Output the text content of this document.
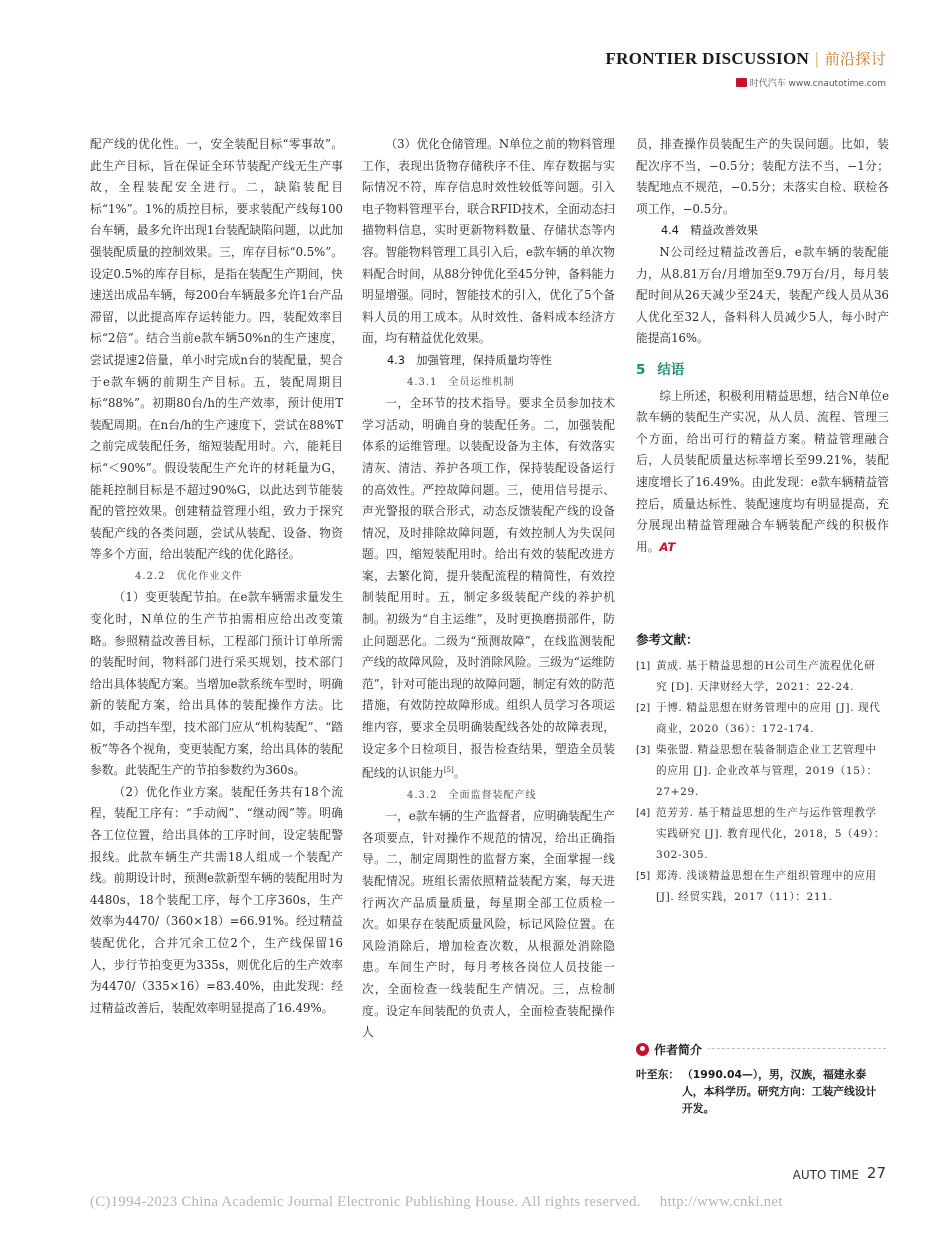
FRONTIER DISCUSSION | 前沿探讨
时代汽车 www.cnautotime.com

配产线的优化性。一，安全装配目标“零事故”。此生产目标，旨在保证全环节装配产线无生产事故，全程装配安全进行。二，缺陷装配目标“1%”。1%的质控目标，要求装配产线每100台车辆，最多允许出现1台装配缺陷问题，以此加强装配质量的控制效果。三，库存目标“0.5%”。设定0.5%的库存目标，是指在装配生产期间，快速送出成品车辆，每200台车辆最多允许1台产品滞留，以此提高库存运转能力。四，装配效率目标“2倍”。结合当前e款车辆50%n的生产速度，尝试提速2倍量，单小时完成n台的装配量，契合于e款车辆的前期生产目标。五，装配周期目标“88%”。初期80台/h的生产效率，预计使用T装配周期。在n台/h的生产速度下，尝试在88%T之前完成装配任务，缩短装配用时。六，能耗目标“＜90%”。假设装配生产允许的材耗量为G，能耗控制目标是不超过90%G，以此达到节能装配的管控效果。创建精益管理小组，致力于探究装配产线的各类问题，尝试从装配、设备、物资等多个方面，给出装配产线的优化路径。

4.2.2　优化作业文件

（1）变更装配节拍。在e款车辆需求量发生变化时，N单位的生产节拍需相应给出改变策略。参照精益改善目标，工程部门预计订单所需的装配时间，物料部门进行采买规划，技术部门给出具体装配方案。当增加e款系统车型时，明确新的装配方案，给出具体的装配操作方法。比如，手动挡车型，技术部门应从“机构装配”、“踏板”等各个视角，变更装配方案，给出具体的装配参数。此装配生产的节拍参数约为360s。

（2）优化作业方案。装配任务共有18个流程，装配工序有：“手动阀”、“继动阀”等。明确各工位位置，给出具体的工序时间，设定装配警报线。此款车辆生产共需18人组成一个装配产线。前期设计时，预测e款新型车辆的装配用时为4480s，18个装配工序，每个工序360s，生产效率为4470/（360×18）=66.91%。经过精益装配优化，合并冗余工位2个，生产线保留16人，步行节拍变更为335s，则优化后的生产效率为4470/（335×16）=83.40%，由此发现：经过精益改善后，装配效率明显提高了16.49%。

（3）优化仓储管理。N单位之前的物料管理工作，表现出货物存储秩序不佳、库存数据与实际情况不符，库存信息时效性较低等问题。引入电子物料管理平台，联合RFID技术，全面动态扫描物料信息，实时更新物料数量、存储状态等内容。智能物料管理工具引入后，e款车辆的单次物料配合时间，从88分钟优化至45分钟，备料能力明显增强。同时，智能技术的引入，优化了5个备料人员的用工成本。从时效性、备料成本经济方面，均有精益优化效果。

4.3　加强管理，保持质量均等性

4.3.1　全员运维机制

一，全环节的技术指导。要求全员参加技术学习活动，明确自身的装配任务。二，加强装配体系的运维管理。以装配设备为主体，有效落实清灰、清洁、养护各项工作，保持装配设备运行的高效性。严控故障问题。三，使用信号提示、声光警报的联合形式，动态反馈装配产线的设备情况，及时排除故障问题，有效控制人为失误问题。四，缩短装配用时。给出有效的装配改进方案，去繁化简，提升装配流程的精简性，有效控制装配用时。五，制定多级装配产线的养护机制。初级为“自主运维”，及时更换磨损部件，防止问题恶化。二级为“预测故障”，在线监测装配产线的故障风险，及时消除风险。三级为“运维防范”，针对可能出现的故障问题，制定有效的防范措施，有效防控故障形成。组织人员学习各项运维内容，要求全员明确装配线各处的故障表现，设定多个日检项目，报告检查结果，塑造全员装配线的认识能力[5]。

4.3.2　全面监督装配产线

一，e款车辆的生产监督者，应明确装配生产各项要点，针对操作不规范的情况，给出正确指导。二，制定周期性的监督方案，全面掌握一线装配情况。班组长需依照精益装配方案，每天进行两次产品质量质量，每星期全部工位质检一次。如果存在装配质量风险，标记风险位置。在风险消除后，增加检查次数，从根源处消除隐患。车间生产时，每月考核各岗位人员技能一次，全面检查一线装配生产情况。三，点检制度。设定车间装配的负责人，全面检查装配操作人

员，排查操作员装配生产的失误问题。比如，装配次序不当，−0.5分；装配方法不当，−1分；装配地点不规范，−0.5分；未落实自检、联检各项工作，−0.5分。

4.4　精益改善效果

N公司经过精益改善后，e款车辆的装配能力，从8.81万台/月增加至9.79万台/月，每月装配时间从26天减少至24天，装配产线人员从36人优化至32人，备料科人员减少5人，每小时产能提高16%。

5 结语

综上所述，积极利用精益思想，结合N单位e款车辆的装配生产实况，从人员、流程、管理三个方面，给出可行的精益方案。精益管理融合后，人员装配质量达标率增长至99.21%，装配速度增长了16.49%。由此发现：e款车辆精益管控后，质量达标性、装配速度均有明显提高，充分展现出精益管理融合车辆装配产线的积极作用。AT

参考文献：

[1] 黄成. 基于精益思想的H公司生产流程优化研究 [D]. 天津财经大学，2021：22-24.

[2] 于博. 精益思想在财务管理中的应用 [J]. 现代商业，2020（36）：172-174.

[3] 柴张盟. 精益思想在装备制造企业工艺管理中的应用 [J]. 企业改革与管理，2019（15）：27+29.

[4] 范芳芳. 基于精益思想的生产与运作管理教学实践研究 [J]. 教育现代化，2018，5（49）：302-305.

[5] 郑涛. 浅谈精益思想在生产组织管理中的应用 [J]. 经贸实践，2017（11）：211.

作者简介
叶至东： （1990.04—），男，汉族，福建永泰人，本科学历。研究方向：工装产线设计开发。
AUTO TIME 27
(C)1994-2023 China Academic Journal Electronic Publishing House. All rights reserved.　 http://www.cnki.net
